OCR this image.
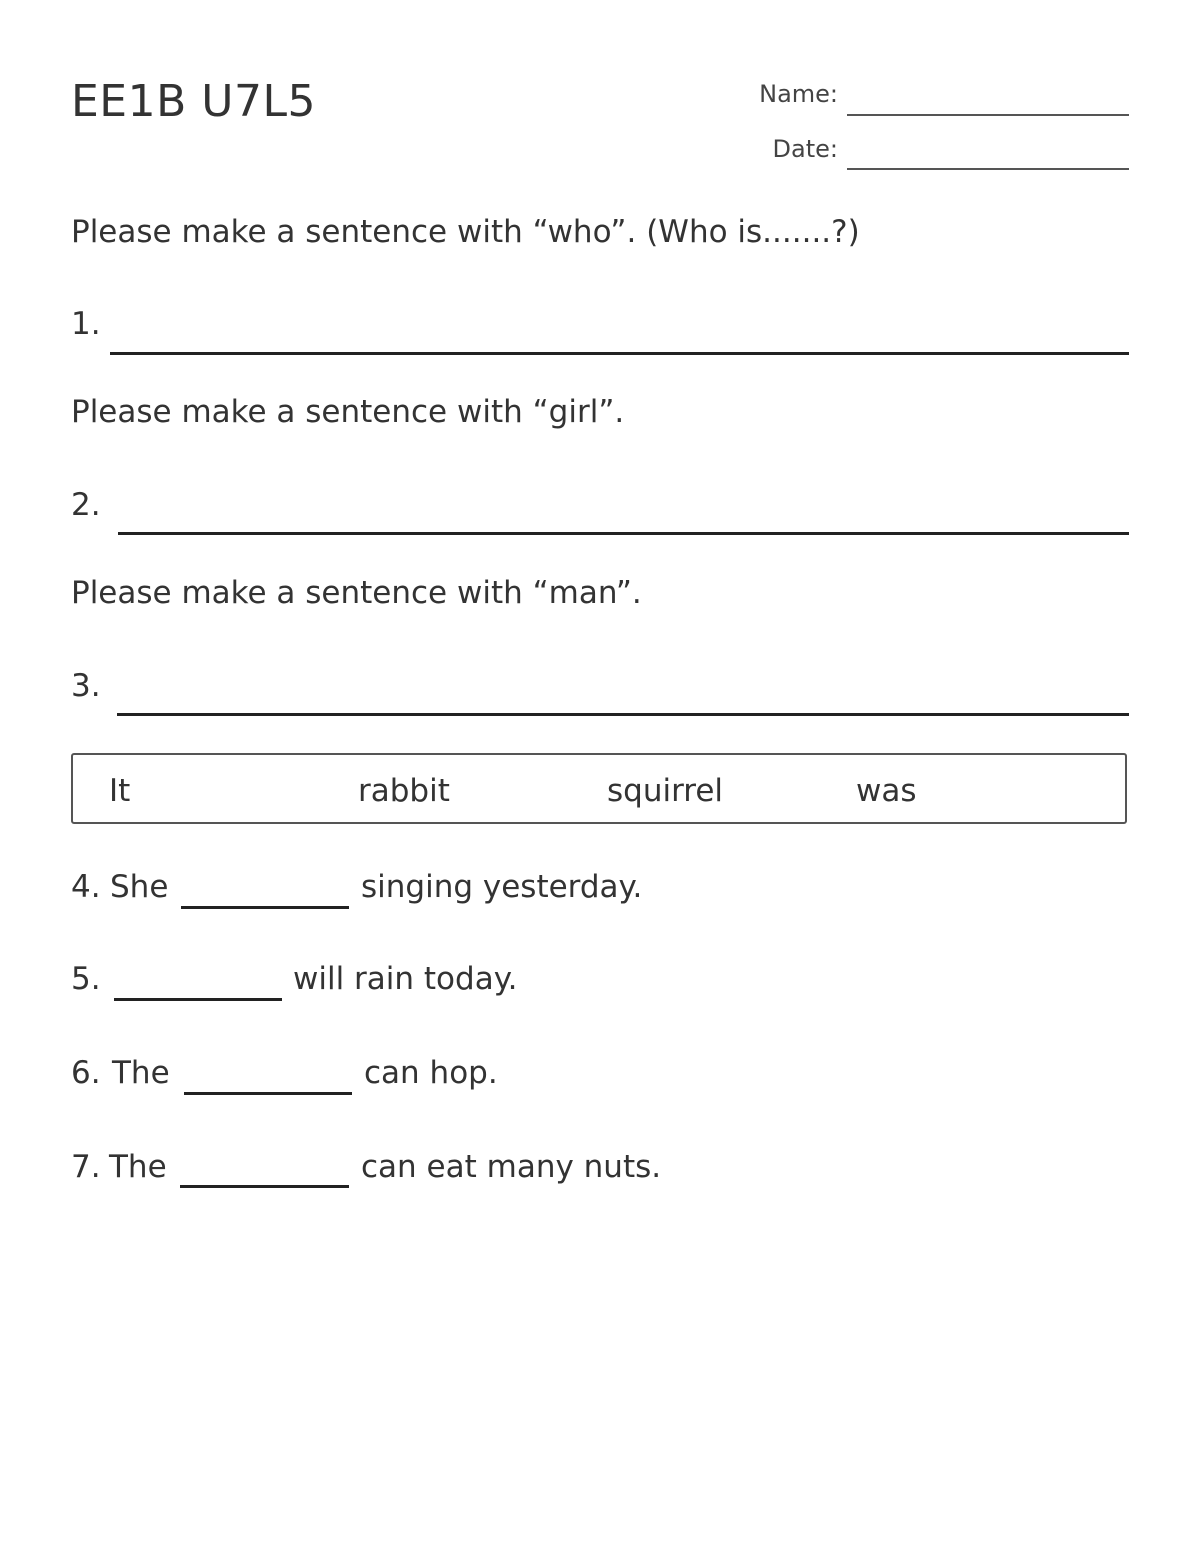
EE1B U7L5	Name:
Date:
Please make a sentence with “who”. (Who is.......?)
1.
Please make a sentence with “girl”.
2.
Please make a sentence with “man”.
3.
It	rabbit	squirrel	was
4. She	singing yesterday.
5.	will rain today.
6. The	can hop.
7. The	can eat many nuts.
